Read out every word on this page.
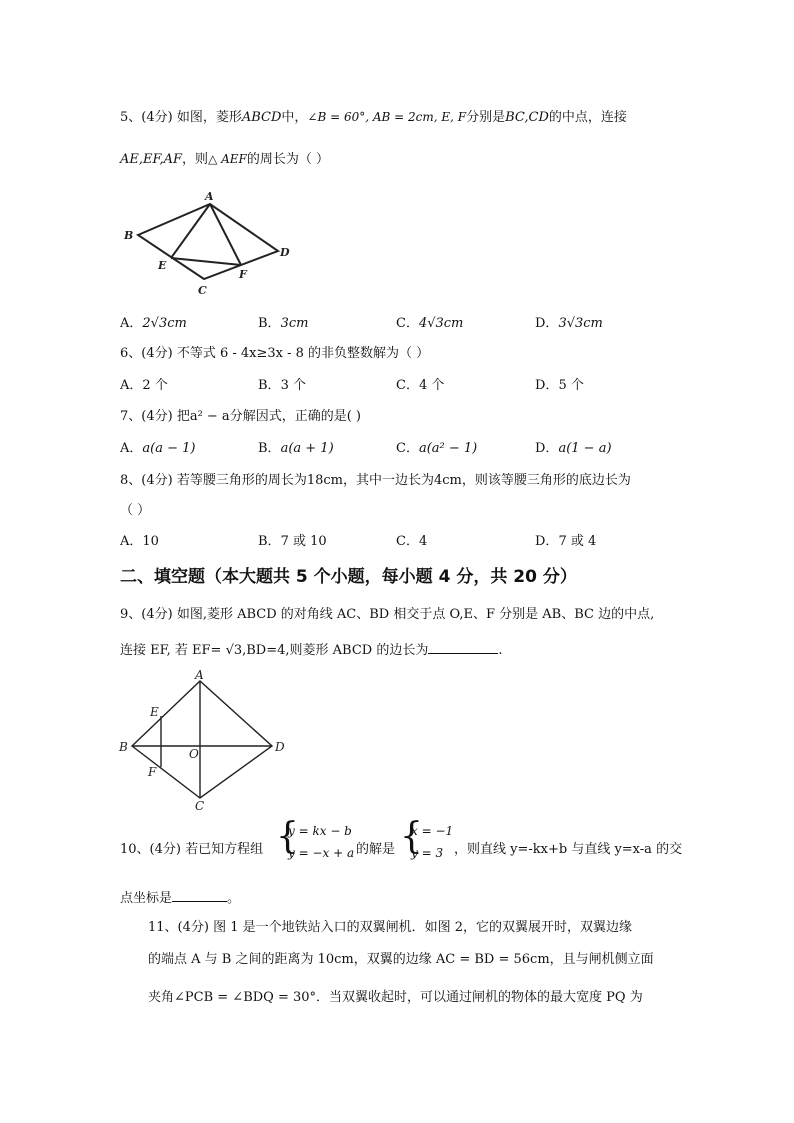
5、(4分) 如图，菱形ABCD中，∠B = 60°, AB = 2cm, E, F分别是BC,CD的中点，连接
AE,EF,AF，则△ AEF的周长为（ ）
A
B
D
C
E
F
A．2√3cm	B．3cm	C．4√3cm	D．3√3cm
6、(4分) 不等式 6 - 4x≥3x - 8 的非负整数解为（ ）
A．2 个	B．3 个	C．4 个	D．5 个
7、(4分) 把a² − a分解因式，正确的是( )
A．a(a − 1)	B．a(a + 1)	C．a(a² − 1)	D．a(1 − a)
8、(4分) 若等腰三角形的周长为18cm，其中一边长为4cm，则该等腰三角形的底边长为
（ ）
A．10	B．7 或 10	C．4	D．7 或 4
二、填空题（本大题共 5 个小题，每小题 4 分，共 20 分）
9、(4分) 如图,菱形 ABCD 的对角线 AC、BD 相交于点 O,E、F 分别是 AB、BC 边的中点,
连接 EF, 若 EF= √3,BD=4,则菱形 ABCD 的边长为	.
A
B	D
C
E
F
O
10、(4分) 若已知方程组 {
y = kx − b
y = −x + a 的解是 {
x = −1
y = 3 ，则直线 y=-kx+b 与直线 y=x-a 的交
点坐标是	。
11、(4分) 图 1 是一个地铁站入口的双翼闸机．如图 2，它的双翼展开时，双翼边缘
的端点 A 与 B 之间的距离为 10cm，双翼的边缘 AC = BD = 56cm，且与闸机侧立面
夹角∠PCB = ∠BDQ = 30°．当双翼收起时，可以通过闸机的物体的最大宽度 PQ 为
